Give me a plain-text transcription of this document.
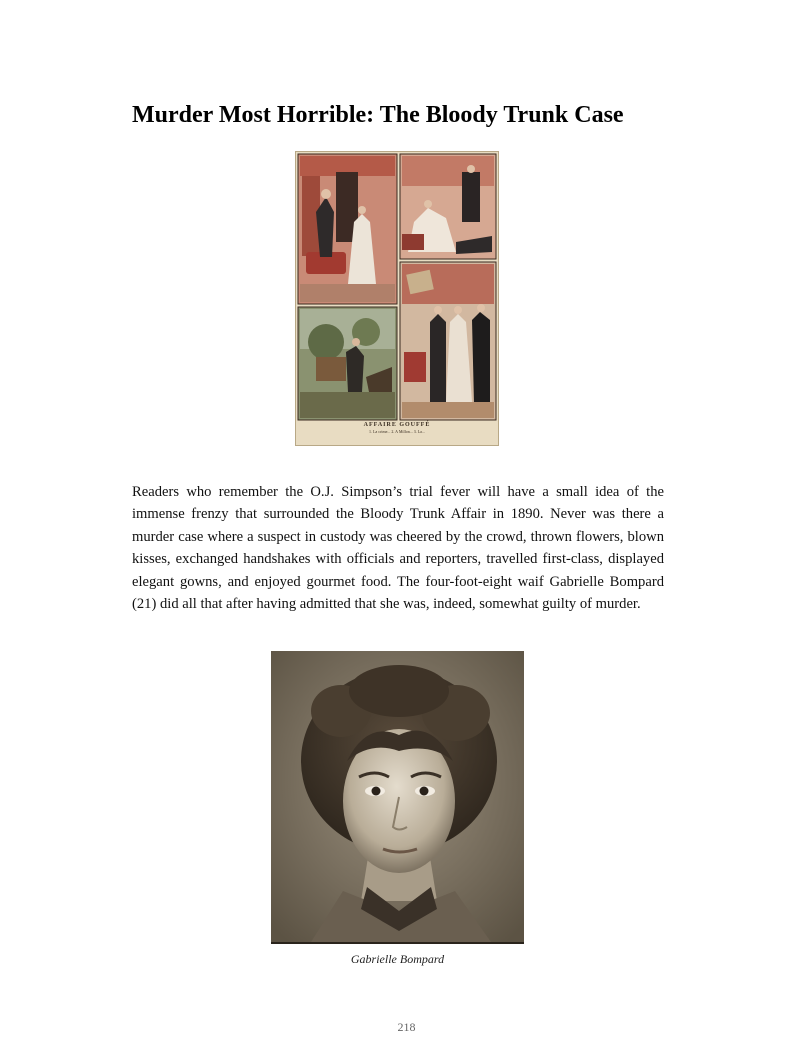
Murder Most Horrible: The Bloody Trunk Case
AFFAIRE GOUFFÉ
1. La crime... 2. A Millon... 3. La...

Readers who remember the O.J. Simpson’s trial fever will have a small idea of the immense frenzy that surrounded the Bloody Trunk Affair in 1890. Never was there a murder case where a suspect in custody was cheered by the crowd, thrown flowers, blown kisses, exchanged handshakes with officials and reporters, travelled first-class, displayed elegant gowns, and enjoyed gourmet food. The four-foot-eight waif Gabrielle Bompard (21) did all that after having admitted that she was, indeed, somewhat guilty of murder.

Gabrielle Bompard
218
